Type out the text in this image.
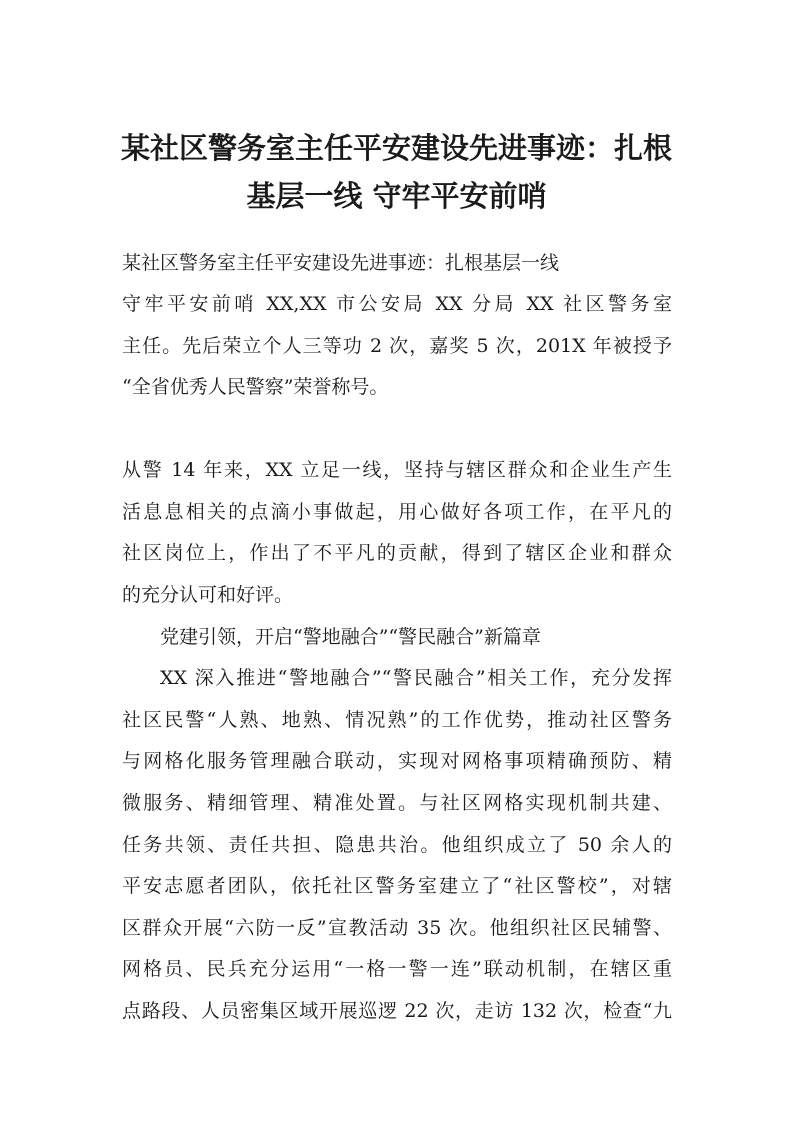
某社区警务室主任平安建设先进事迹：扎根
基层一线 守牢平安前哨

某社区警务室主任平安建设先进事迹：扎根基层一线

守牢平安前哨 XX,XX 市公安局 XX 分局 XX 社区警务室

主任。先后荣立个人三等功 2 次，嘉奖 5 次，201X 年被授予

“全省优秀人民警察”荣誉称号。

从警 14 年来，XX 立足一线，坚持与辖区群众和企业生产生

活息息相关的点滴小事做起，用心做好各项工作，在平凡的

社区岗位上，作出了不平凡的贡献，得到了辖区企业和群众

的充分认可和好评。

党建引领，开启“警地融合”“警民融合”新篇章

XX 深入推进“警地融合”“警民融合”相关工作，充分发挥

社区民警“人熟、地熟、情况熟”的工作优势，推动社区警务

与网格化服务管理融合联动，实现对网格事项精确预防、精

微服务、精细管理、精准处置。与社区网格实现机制共建、

任务共领、责任共担、隐患共治。他组织成立了 50 余人的

平安志愿者团队，依托社区警务室建立了“社区警校”，对辖

区群众开展“六防一反”宣教活动 35 次。他组织社区民辅警、

网格员、民兵充分运用“一格一警一连”联动机制，在辖区重

点路段、人员密集区域开展巡逻 22 次，走访 132 次，检查“九
